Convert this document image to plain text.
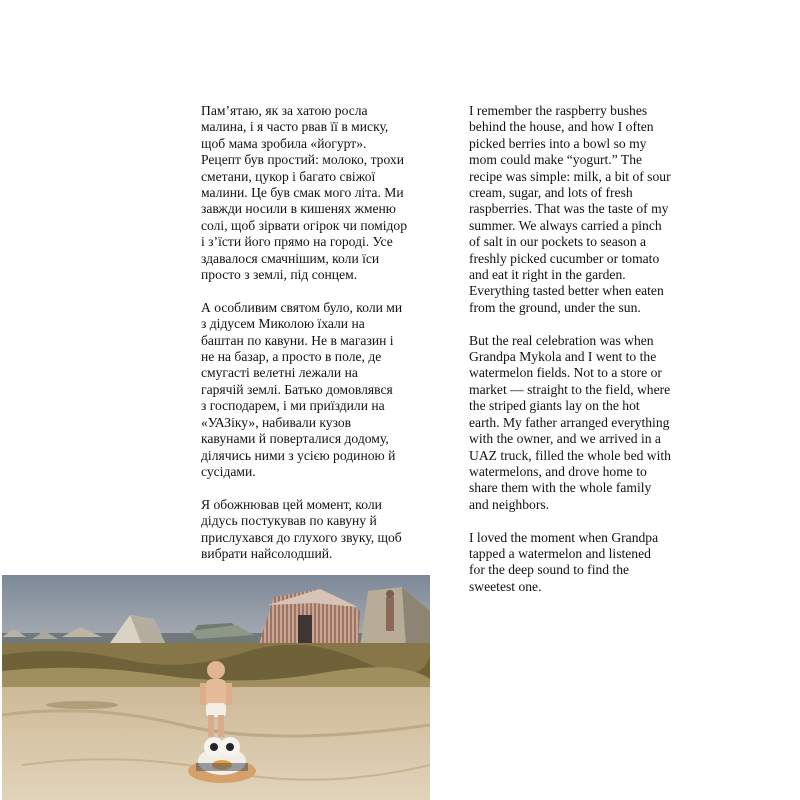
Пам’ятаю, як за хатою росла
малина, і я часто рвав її в миску,
щоб мама зробила «йогурт».
Рецепт був простий: молоко, трохи
сметани, цукор і багато свіжої
малини. Це був смак мого літа. Ми
завжди носили в кишенях жменю
солі, щоб зірвати огірок чи помідор
і з’їсти його прямо на городі. Усе
здавалося смачнішим, коли їси
просто з землі, під сонцем.

А особливим святом було, коли ми
з дідусем Миколою їхали на
баштан по кавуни. Не в магазин і
не на базар, а просто в поле, де
смугасті велетні лежали на
гарячій землі. Батько домовлявся
з господарем, і ми приїздили на
«УАЗіку», набивали кузов
кавунами й поверталися додому,
ділячись ними з усією родиною й
сусідами.

Я обожнював цей момент, коли
дідусь постукував по кавуну й
прислухався до глухого звуку, щоб
вибрати найсолодший.

I remember the raspberry bushes
behind the house, and how I often
picked berries into a bowl so my
mom could make “yogurt.” The
recipe was simple: milk, a bit of sour
cream, sugar, and lots of fresh
raspberries. That was the taste of my
summer. We always carried a pinch
of salt in our pockets to season a
freshly picked cucumber or tomato
and eat it right in the garden.
Everything tasted better when eaten
from the ground, under the sun.

But the real celebration was when
Grandpa Mykola and I went to the
watermelon fields. Not to a store or
market — straight to the field, where
the striped giants lay on the hot
earth. My father arranged everything
with the owner, and we arrived in a
UAZ truck, filled the whole bed with
watermelons, and drove home to
share them with the whole family
and neighbors.

I loved the moment when Grandpa
tapped a watermelon and listened
for the deep sound to find the
sweetest one.
